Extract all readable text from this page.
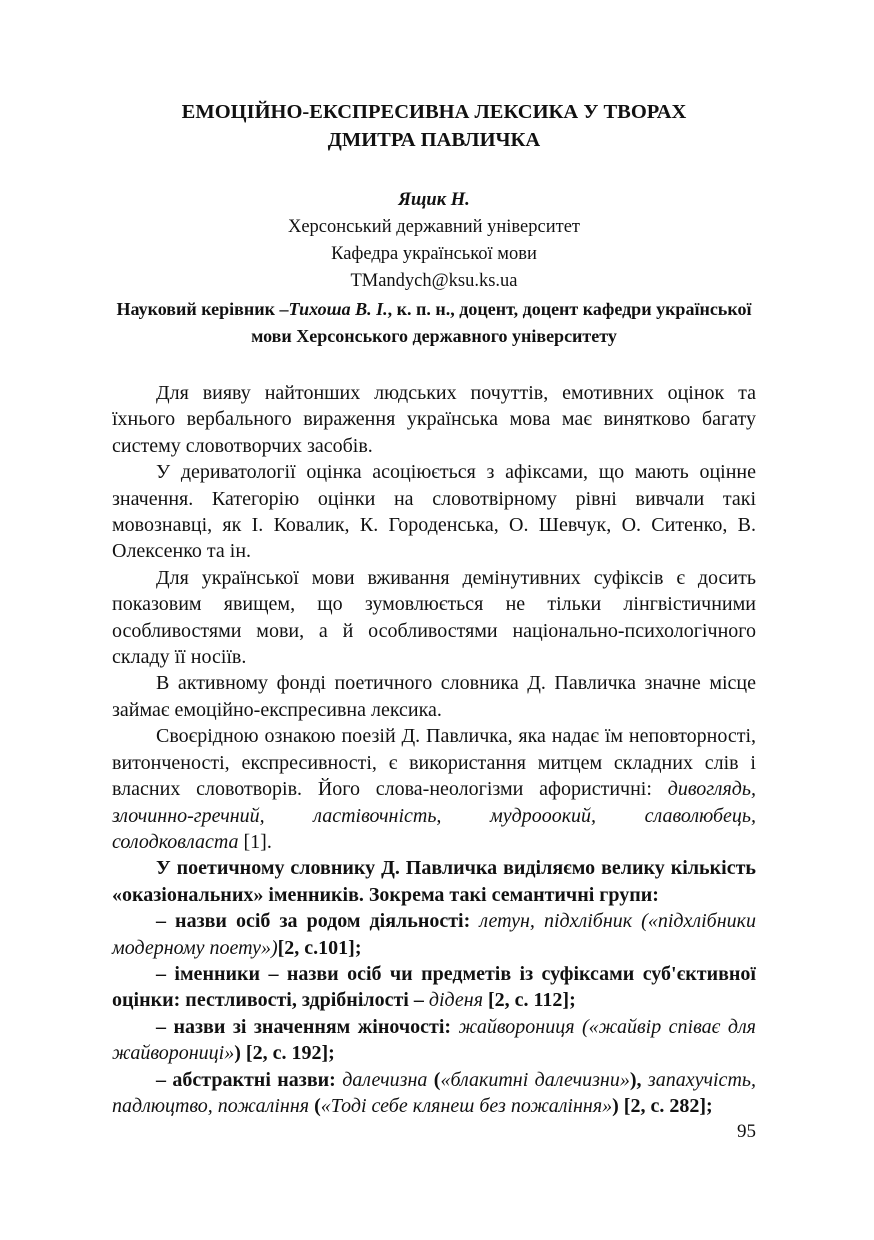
ЕМОЦІЙНО-ЕКСПРЕСИВНА ЛЕКСИКА У ТВОРАХ
ДМИТРА ПАВЛИЧКА
Ящик Н.
Херсонський державний університет
Кафедра української мови
TMandych@ksu.ks.ua

Науковий керівник –Тихоша В. І., к. п. н., доцент, доцент кафедри української мови Херсонського державного університету

Для вияву найтонших людських почуттів, емотивних оцінок та їхнього вербального вираження українська мова має винятково багату систему словотворчих засобів.

У дериватології оцінка асоціюється з афіксами, що мають оцінне значення. Категорію оцінки на словотвірному рівні вивчали такі мовознавці, як І. Ковалик, К. Городенська, О. Шевчук, О. Ситенко, В. Олексенко та ін.

Для української мови вживання демінутивних суфіксів є досить показовим явищем, що зумовлюється не тільки лінгвістичними особливостями мови, а й особливостями національно-психологічного складу її носіїв.

В активному фонді поетичного словника Д. Павличка значне місце займає емоційно-експресивна лексика.

Своєрідною ознакою поезій Д. Павличка, яка надає їм неповторності, витонченості, експресивності, є використання митцем складних слів і власних словотворів. Його слова-неологізми афористичні: дивоглядь, злочинно-гречний, ластівочність, мудрооокий, славолюбець, солодковласта [1].

У поетичному словнику Д. Павличка виділяємо велику кількість «оказіональних» іменників. Зокрема такі семантичні групи:

– назви осіб за родом діяльності: летун, підхлібник («підхлібники модерному поету»)[2, с.101];

– іменники – назви осіб чи предметів із суфіксами суб'єктивної оцінки: пестливості, здрібнілості – діденя [2, с. 112];

– назви зі значенням жіночості: жайворониця («жайвір співає для жайворониці») [2, с. 192];

– абстрактні назви: далечизна («блакитні далечизни»), запахучість, падлюцтво, пожаління («Тоді себе клянеш без пожаління») [2, с. 282];

95
